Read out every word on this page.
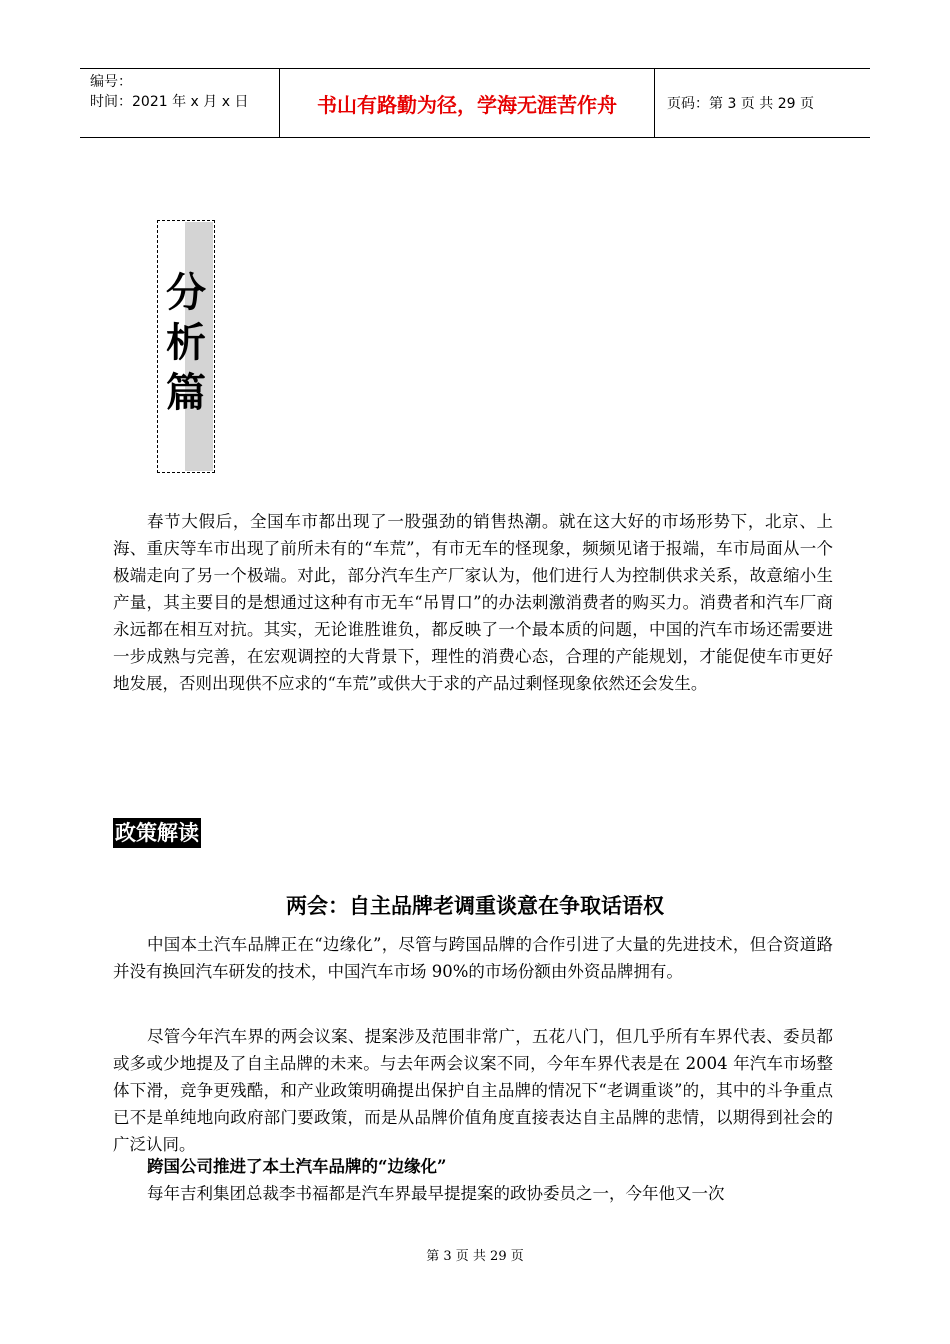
编号：
时间：2021 年 x 月 x 日	书山有路勤为径，学海无涯苦作舟	页码：第 3 页 共 29 页
分
析
篇
春节大假后，全国车市都出现了一股强劲的销售热潮。就在这大好的市场形势下，北京、上海、重庆等车市出现了前所未有的“车荒”，有市无车的怪现象，频频见诸于报端，车市局面从一个极端走向了另一个极端。对此，部分汽车生产厂家认为，他们进行人为控制供求关系，故意缩小生产量，其主要目的是想通过这种有市无车“吊胃口”的办法刺激消费者的购买力。消费者和汽车厂商永远都在相互对抗。其实，无论谁胜谁负，都反映了一个最本质的问题，中国的汽车市场还需要进一步成熟与完善，在宏观调控的大背景下，理性的消费心态，合理的产能规划，才能促使车市更好地发展，否则出现供不应求的“车荒”或供大于求的产品过剩怪现象依然还会发生。
政策解读
两会：自主品牌老调重谈意在争取话语权
中国本土汽车品牌正在“边缘化”，尽管与跨国品牌的合作引进了大量的先进技术，但合资道路并没有换回汽车研发的技术，中国汽车市场 90%的市场份额由外资品牌拥有。
尽管今年汽车界的两会议案、提案涉及范围非常广，五花八门，但几乎所有车界代表、委员都或多或少地提及了自主品牌的未来。与去年两会议案不同，今年车界代表是在 2004 年汽车市场整体下滑，竞争更残酷，和产业政策明确提出保护自主品牌的情况下“老调重谈”的，其中的斗争重点已不是单纯地向政府部门要政策，而是从品牌价值角度直接表达自主品牌的悲情，以期得到社会的广泛认同。
跨国公司推进了本土汽车品牌的“边缘化”
每年吉利集团总裁李书福都是汽车界最早提提案的政协委员之一，今年他又一次
第 3 页 共 29 页
